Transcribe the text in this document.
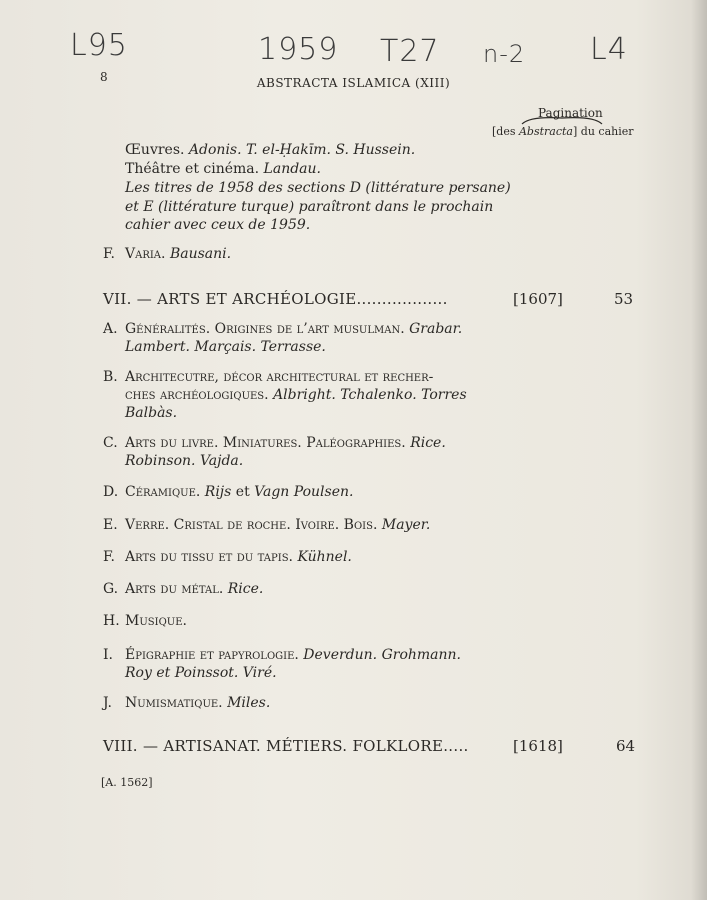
L95	1959 T27 n-2 L4
8	ABSTRACTA ISLAMICA (XIII)
Pagination
[des Abstracta] du cahier
Œuvres. Adonis. T. el-Ḥakīm. S. Hussein.
Théâtre et cinéma. Landau.
Les titres de 1958 des sections D (littérature persane)
et E (littérature turque) paraîtront dans le prochain
cahier avec ceux de 1959.
F. Varia. Bausani.
VII. — ARTS ET ARCHÉOLOGIE..................	[1607]	53
A. Généralités. Origines de l’art musulman. Grabar.
Lambert. Marçais. Terrasse.
B. Architecutre, décor architectural et recher-
ches archéologiques. Albright. Tchalenko. Torres
Balbàs.
C. Arts du livre. Miniatures. Paléographies. Rice.
Robinson. Vajda.
D. Céramique. Rijs et Vagn Poulsen.
E. Verre. Cristal de roche. Ivoire. Bois. Mayer.
F. Arts du tissu et du tapis. Kühnel.
G. Arts du métal. Rice.
H. Musique.
I. Épigraphie et papyrologie. Deverdun. Grohmann.
Roy et Poinssot. Viré.
J. Numismatique. Miles.
VIII. — ARTISANAT. MÉTIERS. FOLKLORE.....	[1618]	64
[A. 1562]
